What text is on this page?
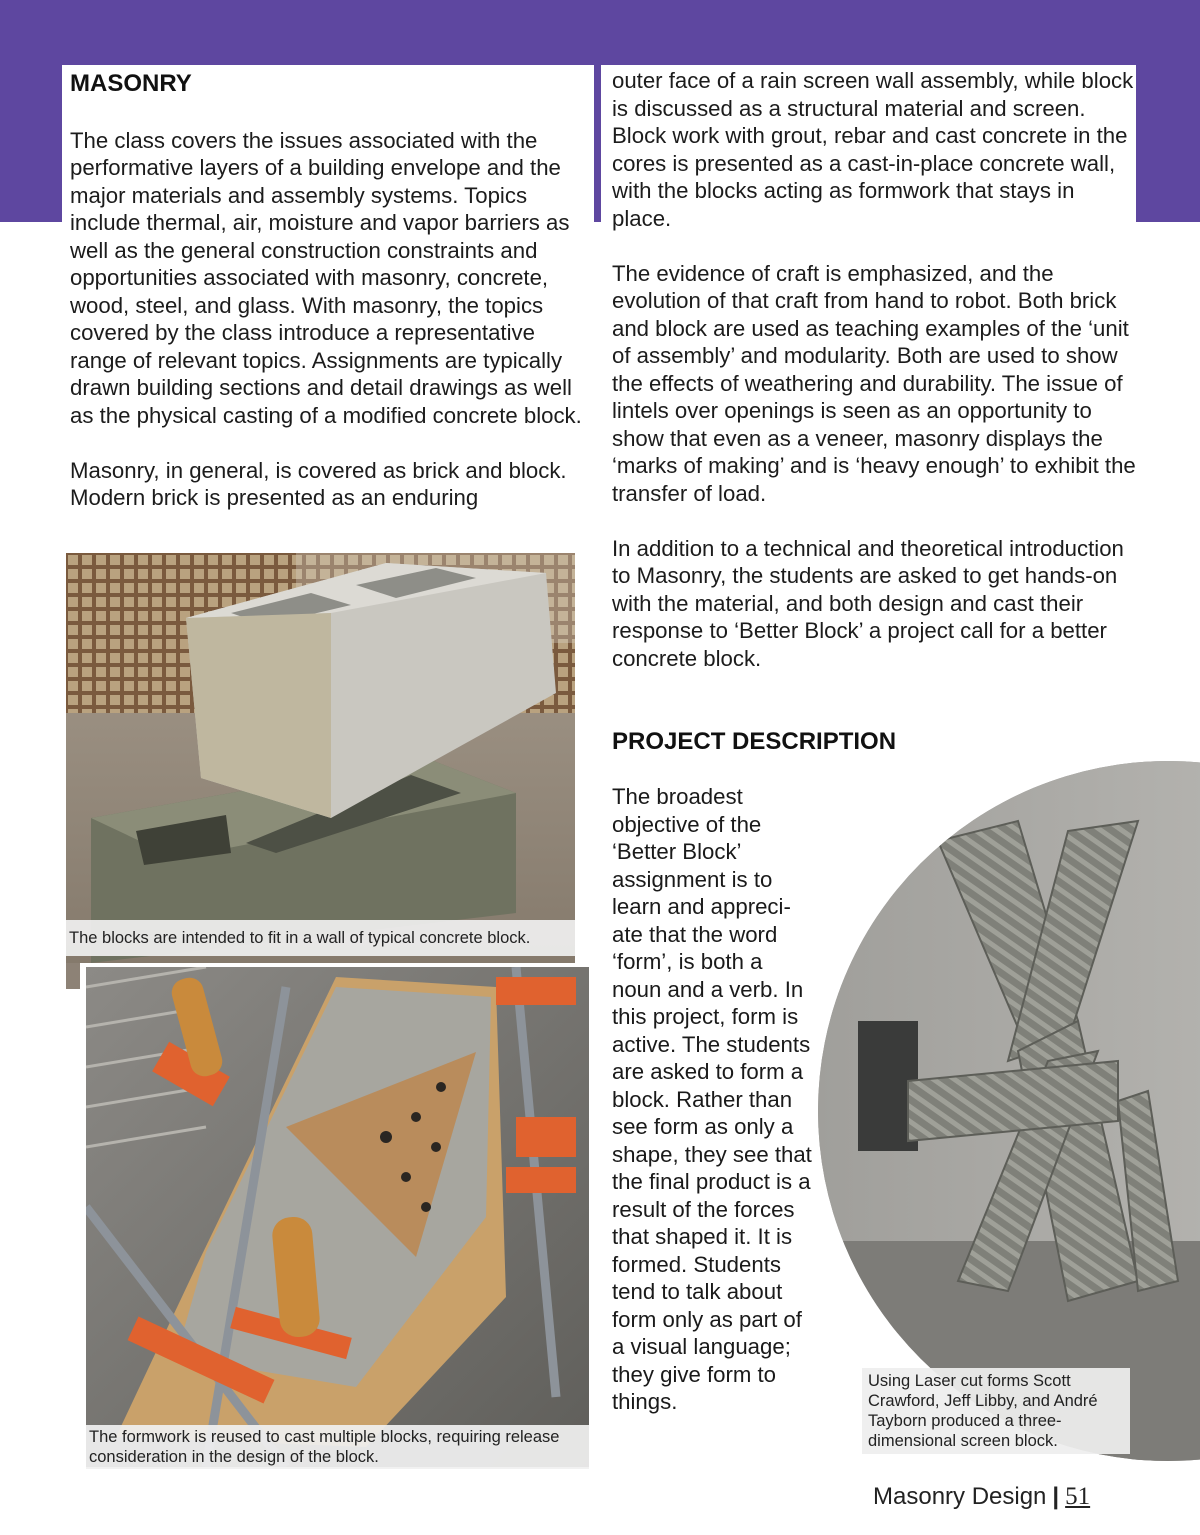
MASONRY

The class covers the issues associated with the performative layers of a building envelope and the major materials and assembly systems. Topics include thermal, air, moisture and vapor barriers as well as the general construction constraints and opportunities associated with masonry, concrete, wood, steel, and glass. With masonry, the topics covered by the class introduce a representative range of relevant topics. Assignments are typically drawn building sections and detail drawings as well as the physical casting of a modified concrete block.

Masonry, in general, is covered as brick and block. Modern brick is presented as an enduring

outer face of a rain screen wall assembly, while block is discussed as a structural material and screen. Block work with grout, rebar and cast concrete in the cores is presented as a cast-in-place concrete wall, with the blocks acting as formwork that stays in place.

The evidence of craft is emphasized, and the evolution of that craft from hand to robot. Both brick and block are used as teaching examples of the ‘unit of assembly’ and modularity. Both are used to show the effects of weathering and durability. The issue of lintels over openings is seen as an opportunity to show that even as a veneer, masonry displays the ‘marks of making’ and is ‘heavy enough’ to exhibit the transfer of load.

In addition to a technical and theoretical introduction to Masonry, the students are asked to get hands-on with the material, and both design and cast their response to ‘Better Block’ a project call for a better concrete block.

PROJECT DESCRIPTION

The broadest objective of the ‘Better Block’ assignment is to learn and appreci-ate that the word ‘form’, is both a noun and a verb. In this project, form is active. The students are asked to form a block. Rather than see form as only a shape, they see that the final product is a result of the forces that shaped it. It is formed. Students tend to talk about form only as part of a visual language; they give form to things.

The blocks are intended to fit in a wall of typical concrete block.
The formwork is reused to cast multiple blocks, requiring release consideration in the design of the block.
Using Laser cut forms Scott Crawford, Jeff Libby, and André Tayborn produced a three-dimensional screen block.
Masonry Design | 51
